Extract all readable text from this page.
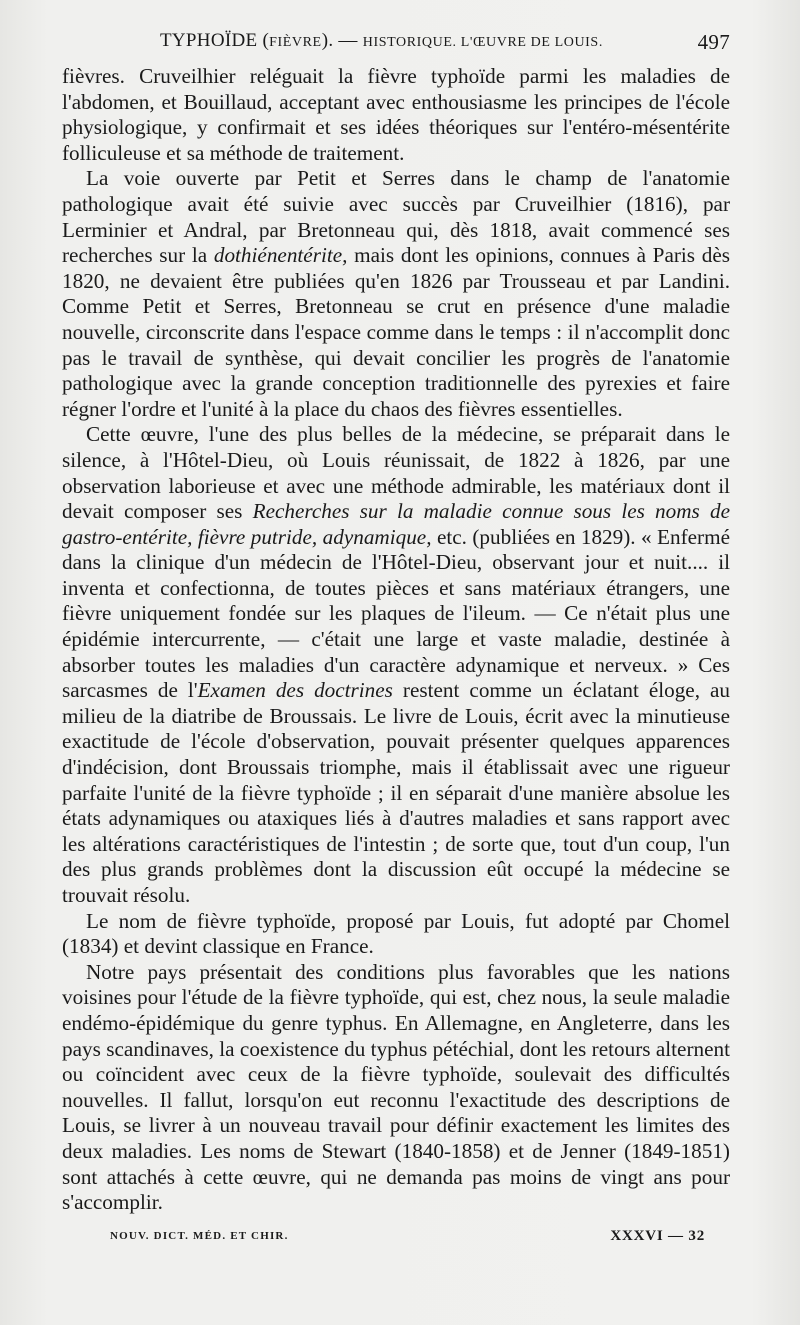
TYPHOÏDE (FIÈVRE). — HISTORIQUE. L'ŒUVRE DE LOUIS.	497

fièvres. Cruveilhier reléguait la fièvre typhoïde parmi les maladies de l'abdomen, et Bouillaud, acceptant avec enthousiasme les principes de l'école physiologique, y confirmait et ses idées théoriques sur l'entéro-mésentérite folliculeuse et sa méthode de traitement.

La voie ouverte par Petit et Serres dans le champ de l'anatomie pathologique avait été suivie avec succès par Cruveilhier (1816), par Lerminier et Andral, par Bretonneau qui, dès 1818, avait commencé ses recherches sur la dothiénentérite, mais dont les opinions, connues à Paris dès 1820, ne devaient être publiées qu'en 1826 par Trousseau et par Landini. Comme Petit et Serres, Bretonneau se crut en présence d'une maladie nouvelle, circonscrite dans l'espace comme dans le temps : il n'accomplit donc pas le travail de synthèse, qui devait concilier les progrès de l'anatomie pathologique avec la grande conception traditionnelle des pyrexies et faire régner l'ordre et l'unité à la place du chaos des fièvres essentielles.

Cette œuvre, l'une des plus belles de la médecine, se préparait dans le silence, à l'Hôtel-Dieu, où Louis réunissait, de 1822 à 1826, par une observation laborieuse et avec une méthode admirable, les matériaux dont il devait composer ses Recherches sur la maladie connue sous les noms de gastro-entérite, fièvre putride, adynamique, etc. (publiées en 1829). « Enfermé dans la clinique d'un médecin de l'Hôtel-Dieu, observant jour et nuit.... il inventa et confectionna, de toutes pièces et sans matériaux étrangers, une fièvre uniquement fondée sur les plaques de l'ileum. — Ce n'était plus une épidémie intercurrente, — c'était une large et vaste maladie, destinée à absorber toutes les maladies d'un caractère adynamique et nerveux. » Ces sarcasmes de l'Examen des doctrines restent comme un éclatant éloge, au milieu de la diatribe de Broussais. Le livre de Louis, écrit avec la minutieuse exactitude de l'école d'observation, pouvait présenter quelques apparences d'indécision, dont Broussais triomphe, mais il établissait avec une rigueur parfaite l'unité de la fièvre typhoïde ; il en séparait d'une manière absolue les états adynamiques ou ataxiques liés à d'autres maladies et sans rapport avec les altérations caractéristiques de l'intestin ; de sorte que, tout d'un coup, l'un des plus grands problèmes dont la discussion eût occupé la médecine se trouvait résolu.

Le nom de fièvre typhoïde, proposé par Louis, fut adopté par Chomel (1834) et devint classique en France.

Notre pays présentait des conditions plus favorables que les nations voisines pour l'étude de la fièvre typhoïde, qui est, chez nous, la seule maladie endémo-épidémique du genre typhus. En Allemagne, en Angleterre, dans les pays scandinaves, la coexistence du typhus pétéchial, dont les retours alternent ou coïncident avec ceux de la fièvre typhoïde, soulevait des difficultés nouvelles. Il fallut, lorsqu'on eut reconnu l'exactitude des descriptions de Louis, se livrer à un nouveau travail pour définir exactement les limites des deux maladies. Les noms de Stewart (1840-1858) et de Jenner (1849-1851) sont attachés à cette œuvre, qui ne demanda pas moins de vingt ans pour s'accomplir.

NOUV. DICT. MÉD. ET CHIR.	XXXVI — 32
